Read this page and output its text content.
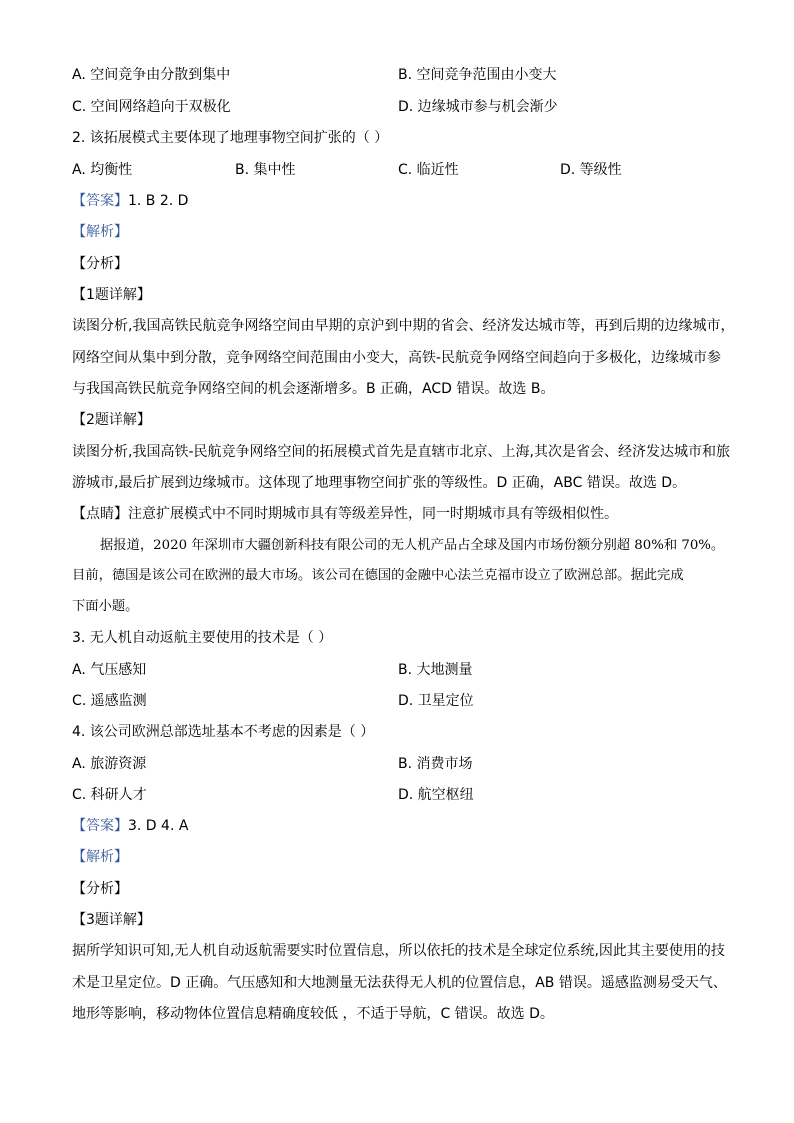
A. 空间竞争由分散到集中	B. 空间竞争范围由小变大
C. 空间网络趋向于双极化	D. 边缘城市参与机会渐少
2. 该拓展模式主要体现了地理事物空间扩张的（ ）
A. 均衡性	B. 集中性	C. 临近性	D. 等级性
【答案】1. B 2. D
【解析】
【分析】
【1题详解】
读图分析,我国高铁民航竞争网络空间由早期的京沪到中期的省会、经济发达城市等，再到后期的边缘城市，
网络空间从集中到分散，竞争网络空间范围由小变大，高铁-民航竞争网络空间趋向于多极化，边缘城市参
与我国高铁民航竞争网络空间的机会逐渐增多。B 正确，ACD 错误。故选 B。
【2题详解】
读图分析,我国高铁-民航竞争网络空间的拓展模式首先是直辖市北京、上海,其次是省会、经济发达城市和旅
游城市,最后扩展到边缘城市。这体现了地理事物空间扩张的等级性。D 正确，ABC 错误。故选 D。
【点睛】注意扩展模式中不同时期城市具有等级差异性，同一时期城市具有等级相似性。
据报道，2020 年深圳市大疆创新科技有限公司的无人机产品占全球及国内市场份额分别超 80%和 70%。
目前，德国是该公司在欧洲的最大市场。该公司在德国的金融中心法兰克福市设立了欧洲总部。据此完成
下面小题。
3. 无人机自动返航主要使用的技术是（ ）
A. 气压感知	B. 大地测量
C. 遥感监测	D. 卫星定位
4. 该公司欧洲总部选址基本不考虑的因素是（ ）
A. 旅游资源	B. 消费市场
C. 科研人才	D. 航空枢纽
【答案】3. D 4. A
【解析】
【分析】
【3题详解】
据所学知识可知,无人机自动返航需要实时位置信息，所以依托的技术是全球定位系统,因此其主要使用的技
术是卫星定位。D 正确。气压感知和大地测量无法获得无人机的位置信息，AB 错误。遥感监测易受天气、
地形等影响，移动物体位置信息精确度较低 ，不适于导航，C 错误。故选 D。
